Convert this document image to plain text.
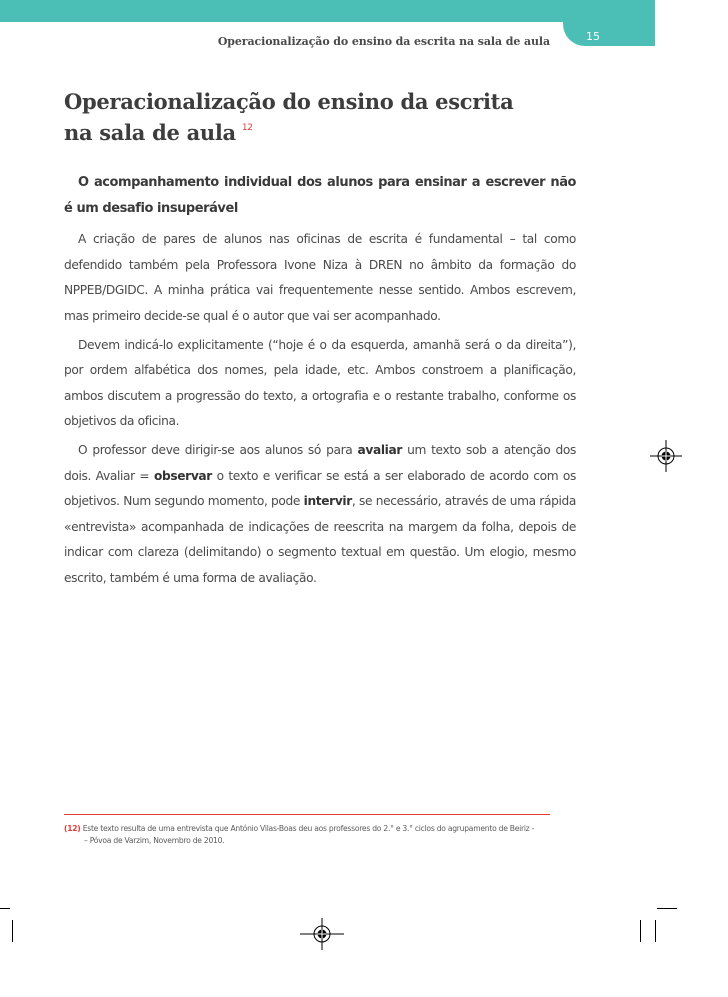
15
Operacionalização do ensino da escrita na sala de aula
Operacionalização do ensino da escrita
na sala de aula $^{12}$

O acompanhamento individual dos alunos para ensinar a escrever não é um desafio insuperável

A criação de pares de alunos nas oficinas de escrita é fundamental – tal como defendido também pela Professora Ivone Niza à DREN no âmbito da formação do NPPEB/DGIDC. A minha prática vai frequentemente nesse sentido. Ambos escrevem, mas primeiro decide-se qual é o autor que vai ser acompanhado.

Devem indicá-lo explicitamente (“hoje é o da esquerda, amanhã será o da direita”), por ordem alfabética dos nomes, pela idade, etc. Ambos constroem a planificação, ambos discutem a progressão do texto, a ortografia e o restante trabalho, conforme os objetivos da oficina.

O professor deve dirigir-se aos alunos só para avaliar um texto sob a atenção dos dois. Avaliar = observar o texto e verificar se está a ser elaborado de acordo com os objetivos. Num segundo momento, pode intervir, se necessário, através de uma rápida «entrevista» acompanhada de indicações de reescrita na margem da folha, depois de indicar com clareza (delimitando) o segmento textual em questão. Um elogio, mesmo escrito, também é uma forma de avaliação.

(12) Este texto resulta de uma entrevista que António Vilas-Boas deu aos professores do 2.° e 3.° ciclos do agrupamento de Beiriz -
– Póvoa de Varzim, Novembro de 2010.
